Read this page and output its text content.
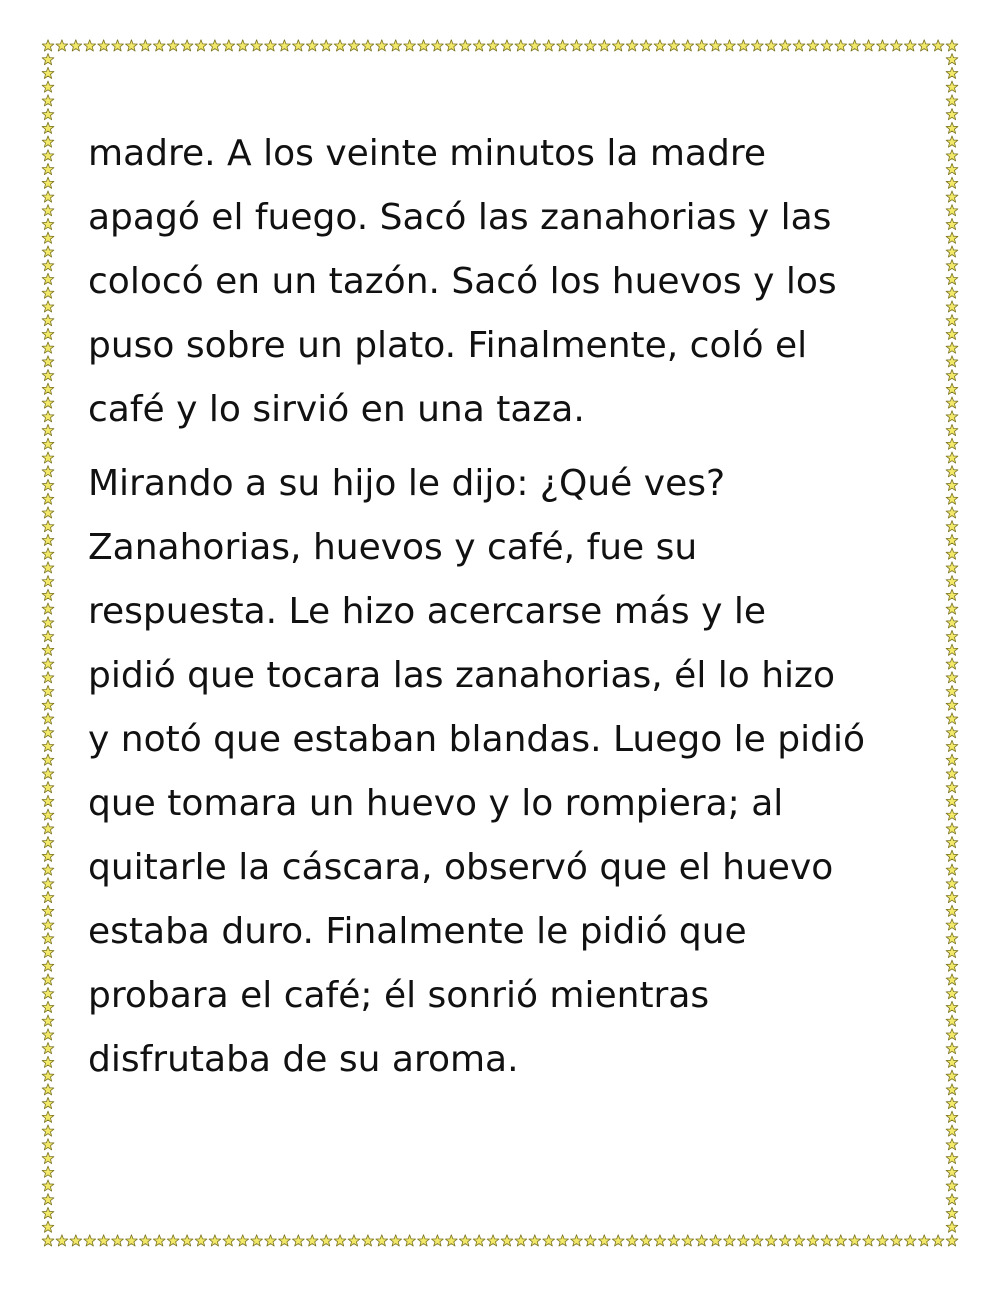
madre. A los veinte minutos la madre
apagó el fuego. Sacó las zanahorias y las
colocó en un tazón. Sacó los huevos y los
puso sobre un plato. Finalmente, coló el
café y lo sirvió en una taza.
Mirando a su hijo le dijo: ¿Qué ves?
Zanahorias, huevos y café, fue su
respuesta. Le hizo acercarse más y le
pidió que tocara las zanahorias, él lo hizo
y notó que estaban blandas. Luego le pidió
que tomara un huevo y lo rompiera; al
quitarle la cáscara, observó que el huevo
estaba duro. Finalmente le pidió que
probara el café; él sonrió mientras
disfrutaba de su aroma.
